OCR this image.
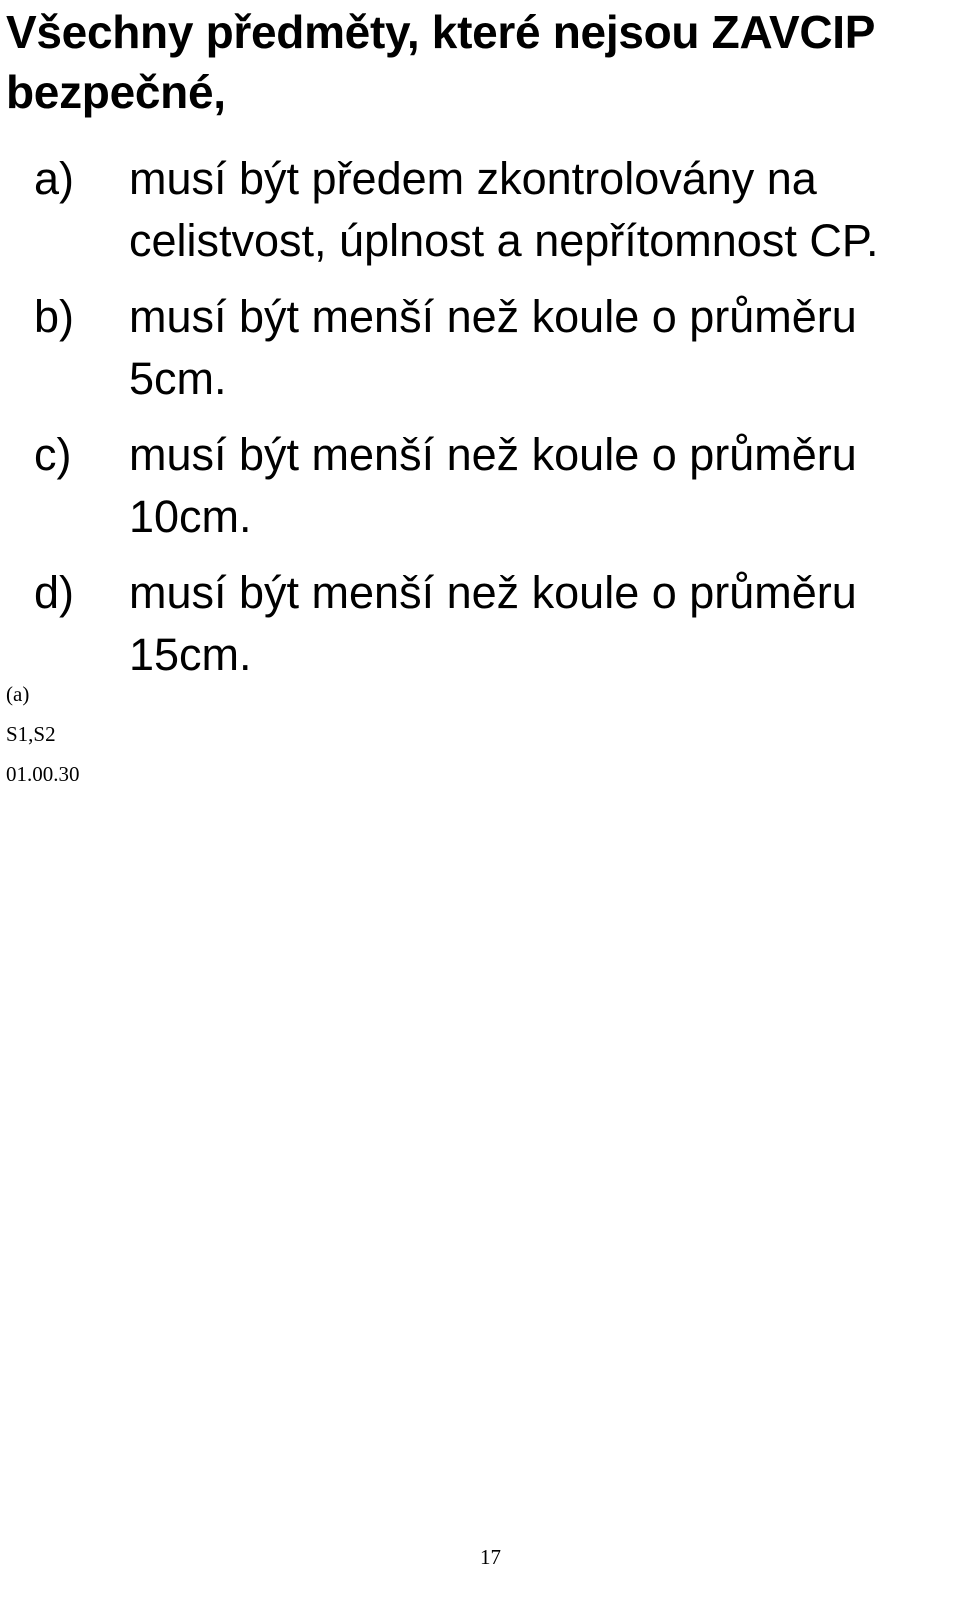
Všechny předměty, které nejsou ZAVCIP bezpečné,
a) musí být předem zkontrolovány na celistvost, úplnost a nepřítomnost CP.
b) musí být menší než koule o průměru 5cm.
c) musí být menší než koule o průměru 10cm.
d) musí být menší než koule o průměru 15cm.
(a)
S1,S2
01.00.30
17
